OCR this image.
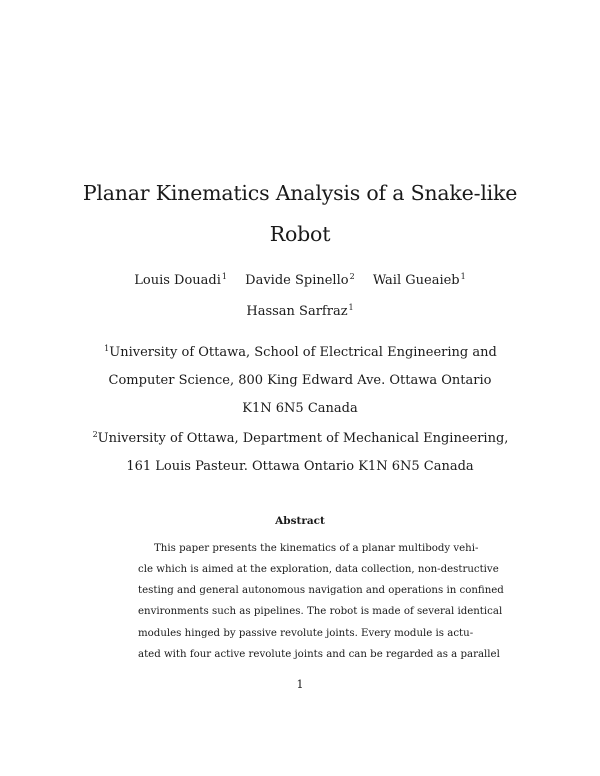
Planar Kinematics Analysis of a Snake-like
Robot
Louis Douadi$^1$ Davide Spinello$^2$ Wail Gueaieb$^1$
Hassan Sarfraz$^1$
$^1$University of Ottawa, School of Electrical Engineering and
Computer Science, 800 King Edward Ave. Ottawa Ontario
K1N 6N5 Canada
$^2$University of Ottawa, Department of Mechanical Engineering,
161 Louis Pasteur. Ottawa Ontario K1N 6N5 Canada
Abstract
This paper presents the kinematics of a planar multibody vehi-
cle which is aimed at the exploration, data collection, non-destructive
testing and general autonomous navigation and operations in confined
environments such as pipelines. The robot is made of several identical
modules hinged by passive revolute joints. Every module is actu-
ated with four active revolute joints and can be regarded as a parallel
1
